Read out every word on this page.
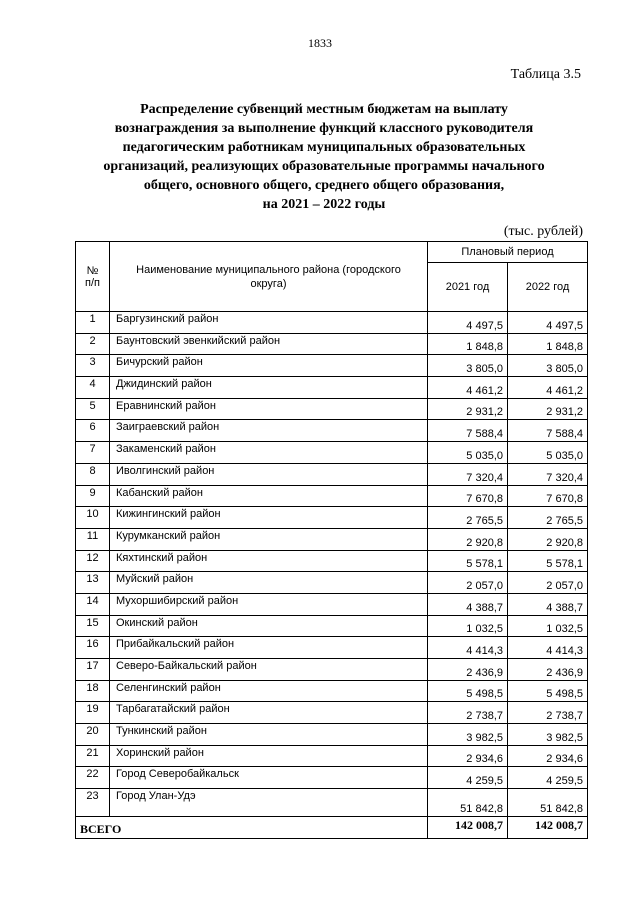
1833
Таблица 3.5
Распределение субвенций местным бюджетам на выплату
вознаграждения за выполнение функций классного руководителя
педагогическим работникам муниципальных образовательных
организаций, реализующих образовательные программы начального
общего, основного общего, среднего общего образования,
на 2021 – 2022 годы
(тыс. рублей)
№
п/п	Наименование муниципального района (городского округа)	Плановый период	
		2021 год	2022 год
1	Баргузинский район	4 497,5	4 497,5
2	Баунтовский эвенкийский район	1 848,8	1 848,8
3	Бичурский район	3 805,0	3 805,0
4	Джидинский район	4 461,2	4 461,2
5	Еравнинский район	2 931,2	2 931,2
6	Заиграевский район	7 588,4	7 588,4
7	Закаменский район	5 035,0	5 035,0
8	Иволгинский район	7 320,4	7 320,4
9	Кабанский район	7 670,8	7 670,8
10	Кижингинский район	2 765,5	2 765,5
11	Курумканский район	2 920,8	2 920,8
12	Кяхтинский район	5 578,1	5 578,1
13	Муйский район	2 057,0	2 057,0
14	Мухоршибирский район	4 388,7	4 388,7
15	Окинский район	1 032,5	1 032,5
16	Прибайкальский район	4 414,3	4 414,3
17	Северо-Байкальский район	2 436,9	2 436,9
18	Селенгинский район	5 498,5	5 498,5
19	Тарбагатайский район	2 738,7	2 738,7
20	Тункинский район	3 982,5	3 982,5
21	Хоринский район	2 934,6	2 934,6
22	Город Северобайкальск	4 259,5	4 259,5
23	Город Улан-Удэ	51 842,8	51 842,8
ВСЕГО		142 008,7	142 008,7
